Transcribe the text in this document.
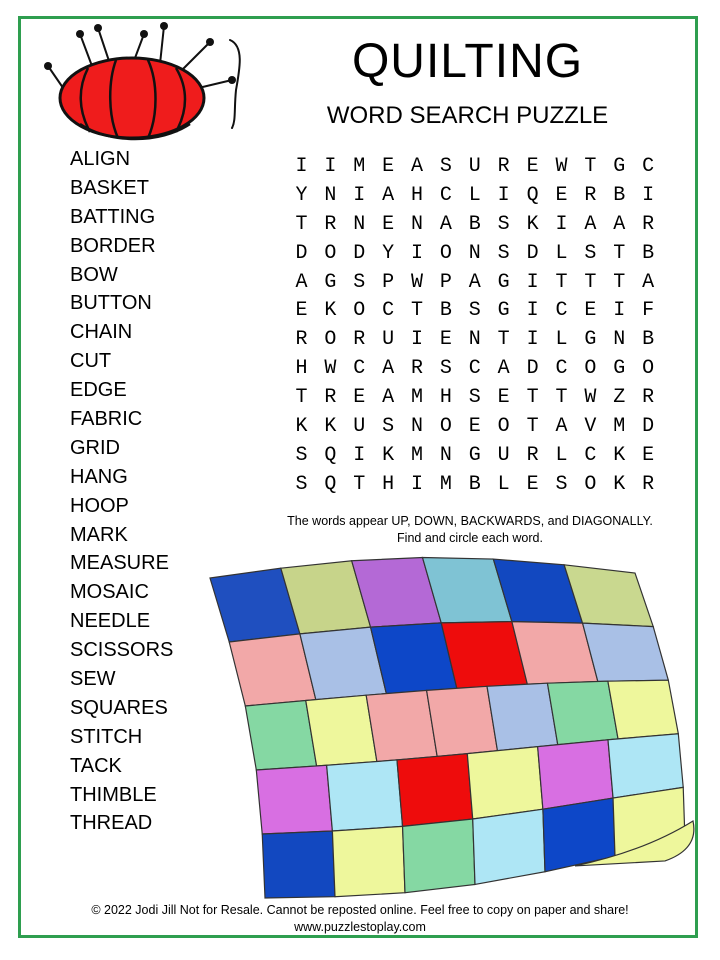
QUILTING
WORD SEARCH PUZZLE
ALIGN
BASKET
BATTING
BORDER
BOW
BUTTON
CHAIN
CUT
EDGE
FABRIC
GRID
HANG
HOOP
MARK
MEASURE
MOSAIC
NEEDLE
SCISSORS
SEW
SQUARES
STITCH
TACK
THIMBLE
THREAD
I I M E A S U R E W T G C
Y N I A H C L I Q E R B I
T R N E N A B S K I A A R
D O D Y I O N S D L S T B
A G S P W P A G I T T T A
E K O C T B S G I C E I F
R O R U I E N T I L G N B
H W C A R S C A D C O G O
T R E A M H S E T T W Z R
K K U S N O E O T A V M D
S Q I K M N G U R L C K E
S Q T H I M B L E S O K R
The words appear UP, DOWN, BACKWARDS, and DIAGONALLY.
Find and circle each word.
© 2022 Jodi Jill Not for Resale. Cannot be reposted online. Feel free to copy on paper and share!
www.puzzlestoplay.com
